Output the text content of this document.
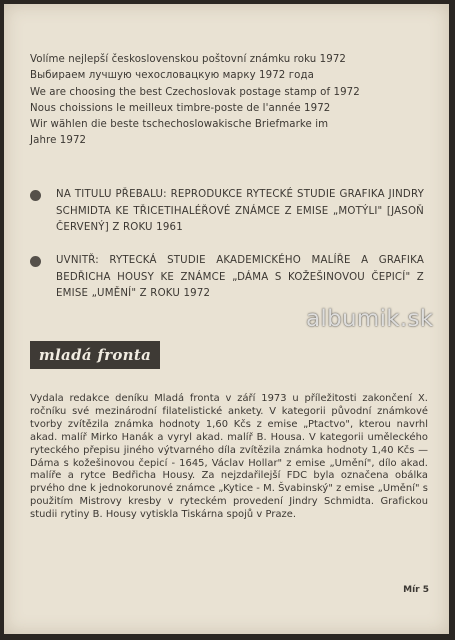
Volíme nejlepší československou poštovní známku roku 1972
Выбираем лучшую чехословацкую марку 1972 года
We are choosing the best Czechoslovak postage stamp of 1972
Nous choissions le meilleux timbre-poste de l'année 1972
Wir wählen die beste tschechoslowakische Briefmarke im
Jahre 1972
NA TITULU PŘEBALU: REPRODUKCE RYTECKÉ STUDIE GRAFIKA JINDRY SCHMIDTA KE TŘICETIHALÉŘOVÉ ZNÁMCE Z EMISE „MOTÝLI" [JASOŇ ČERVENÝ] Z ROKU 1961
UVNITŘ: RYTECKÁ STUDIE AKADEMICKÉHO MALÍŘE A GRAFIKA BEDŘICHA HOUSY KE ZNÁMCE „DÁMA S KOŽEŠINOVOU ČEPICÍ" Z EMISE „UMĚNÍ" Z ROKU 1972
mladá fronta
Vydala redakce deníku Mladá fronta v září 1973 u příležitosti zakončení X. ročníku své mezinárodní filatelistické ankety. V kategorii původní známkové tvorby zvítězila známka hodnoty 1,60 Kčs z emise „Ptactvo", kterou navrhl akad. malíř Mirko Hanák a vyryl akad. malíř B. Housa. V kategorii uměleckého ryteckého přepisu jiného výtvarného díla zvítězila známka hodnoty 1,40 Kčs — Dáma s kožešinovou čepicí - 1645, Václav Hollar" z emise „Umění", dílo akad. malíře a rytce Bedřicha Housy. Za nejzdařilejší FDC byla označena obálka prvého dne k jednokorunové známce „Kytice - M. Švabinský" z emise „Umění" s použitím Mistrovy kresby v ryteckém provedení Jindry Schmidta. Grafickou studii rytiny B. Housy vytiskla Tiskárna spojů v Praze.
Mír 5
albumik.sk
